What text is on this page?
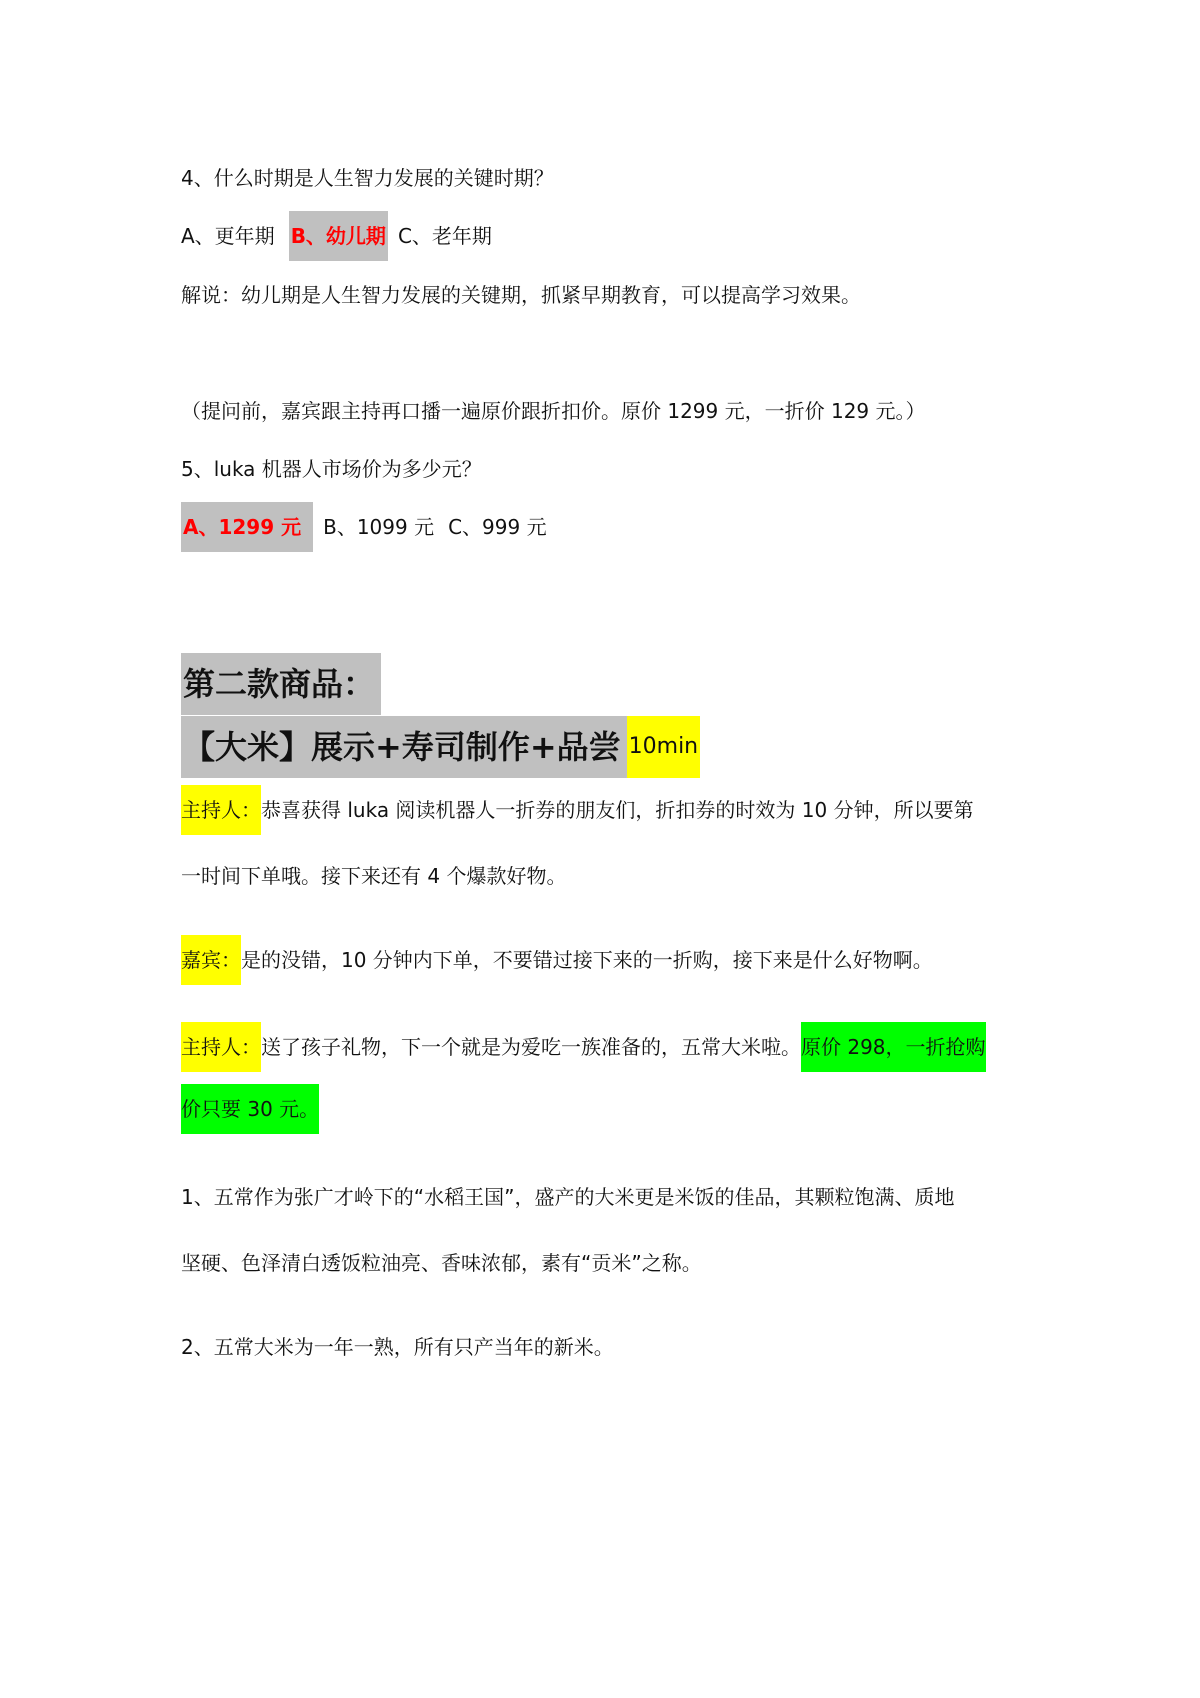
4、什么时期是人生智力发展的关键时期？
A、更年期 B、幼儿期 C、老年期
解说：幼儿期是人生智力发展的关键期，抓紧早期教育，可以提高学习效果。
（提问前，嘉宾跟主持再口播一遍原价跟折扣价。原价 1299 元，一折价 129 元。）
5、luka 机器人市场价为多少元？
A、1299 元 B、1099 元 C、999 元
第二款商品：
【大米】展示+寿司制作+品尝 10min
主持人：恭喜获得 luka 阅读机器人一折券的朋友们，折扣券的时效为 10 分钟，所以要第
一时间下单哦。接下来还有 4 个爆款好物。
嘉宾：是的没错，10 分钟内下单，不要错过接下来的一折购，接下来是什么好物啊。
主持人：送了孩子礼物，下一个就是为爱吃一族准备的，五常大米啦。原价 298，一折抢购
价只要 30 元。
1、五常作为张广才岭下的“水稻王国”，盛产的大米更是米饭的佳品，其颗粒饱满、质地
坚硬、色泽清白透饭粒油亮、香味浓郁，素有“贡米”之称。
2、五常大米为一年一熟，所有只产当年的新米。
